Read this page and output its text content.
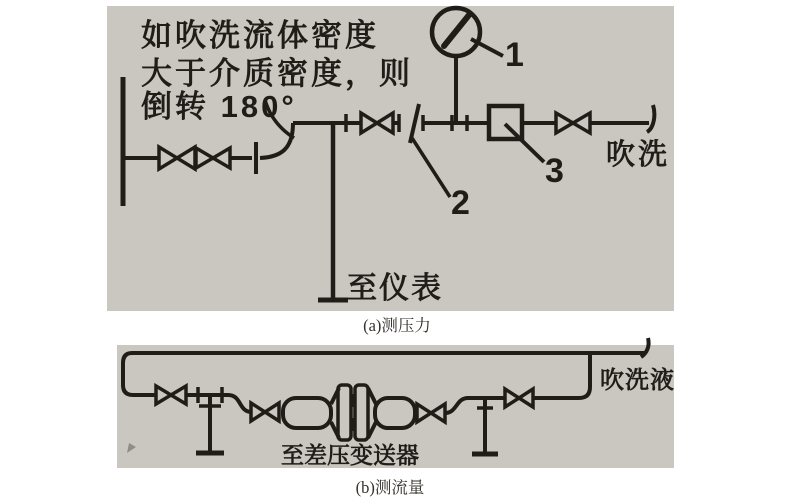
如吹洗流体密度
大于介质密度，则
倒转 180°
2
至仪表
1
3 吹洗
(a)测压力
吹洗液
至差压变送器
(b)测流量
